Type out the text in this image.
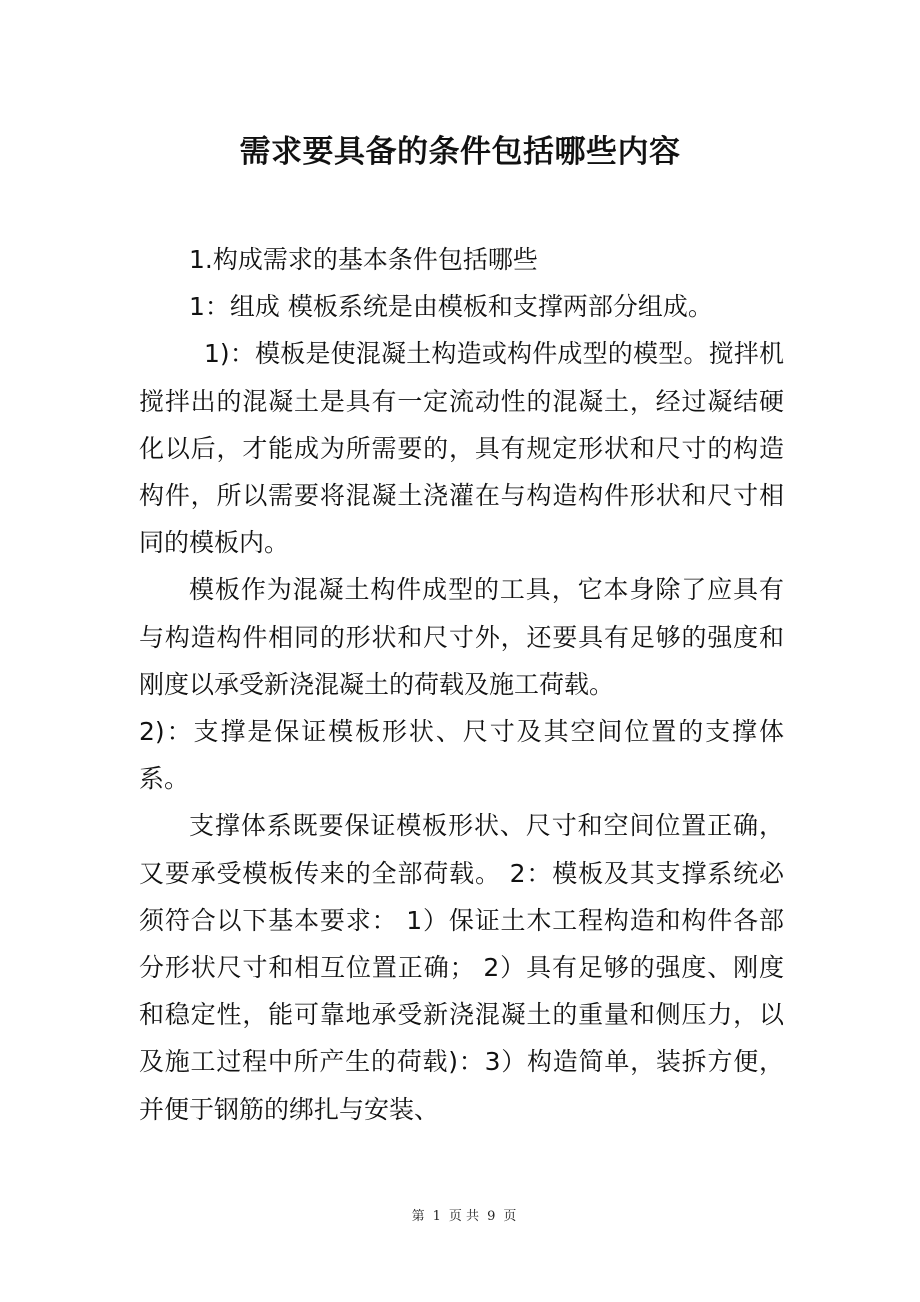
需求要具备的条件包括哪些内容

1.构成需求的基本条件包括哪些

1：组成 模板系统是由模板和支撑两部分组成。

1)：模板是使混凝土构造或构件成型的模型。搅拌机搅拌出的混凝土是具有一定流动性的混凝土，经过凝结硬化以后，才能成为所需要的，具有规定形状和尺寸的构造构件，所以需要将混凝土浇灌在与构造构件形状和尺寸相同的模板内。

模板作为混凝土构件成型的工具，它本身除了应具有与构造构件相同的形状和尺寸外，还要具有足够的强度和刚度以承受新浇混凝土的荷载及施工荷载。

2)：支撑是保证模板形状、尺寸及其空间位置的支撑体系。

支撑体系既要保证模板形状、尺寸和空间位置正确，又要承受模板传来的全部荷载。 2：模板及其支撑系统必须符合以下基本要求： 1）保证土木工程构造和构件各部分形状尺寸和相互位置正确； 2）具有足够的强度、刚度和稳定性，能可靠地承受新浇混凝土的重量和侧压力，以及施工过程中所产生的荷载)：3）构造简单，装拆方便，并便于钢筋的绑扎与安装、

第 1 页 共 9 页
